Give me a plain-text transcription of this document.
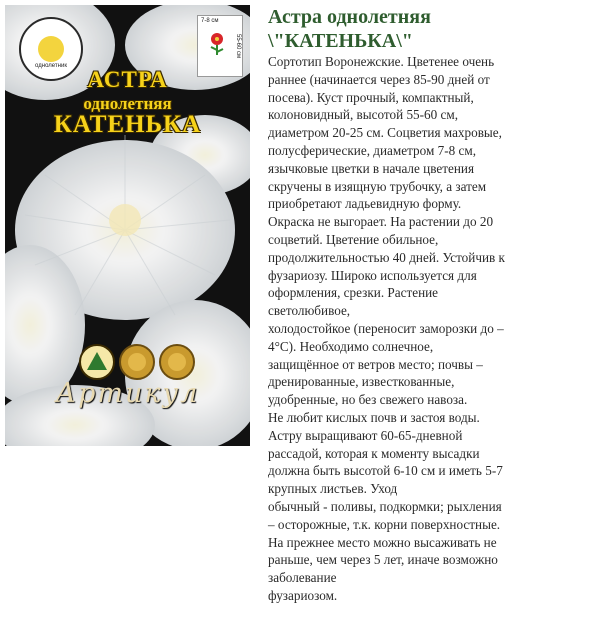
однолетник
7-8 см
55-60 см
АСТРА
однолетняя
КАТЕНЬКА
Артикул
Астра однолетняя
\"КАТЕНЬКА\"
Сортотип Воронежские. Цветенее очень
раннее (начинается через 85-90 дней от
посева). Куст прочный, компактный,
колоновидный, высотой 55-60 см,
диаметром 20-25 см. Соцветия махровые,
полусферические, диаметром 7-8 см,
язычковые цветки в начале цветения
скручены в изящную трубочку, а затем
приобретают ладьевидную форму.
Окраска не выгорает. На растении до 20
соцветий. Цветение обильное,
продолжительностью 40 дней. Устойчив к
фузариозу. Широко используется для
оформления, срезки. Растение
светолюбивое,
холодостойкое (переносит заморозки до –
4°С). Необходимо солнечное,
защищённое от ветров место; почвы –
дренированные, известкованные,
удобренные, но без свежего навоза.
Не любит кислых почв и застоя воды.
Астру выращивают 60-65-дневной
рассадой, которая к моменту высадки
должна быть высотой 6-10 см и иметь 5-7
крупных листьев. Уход
обычный - поливы, подкормки; рыхления
– осторожные, т.к. корни поверхностные.
На прежнее место можно высаживать не
раньше, чем через 5 лет, иначе возможно
заболевание
фузариозом.
